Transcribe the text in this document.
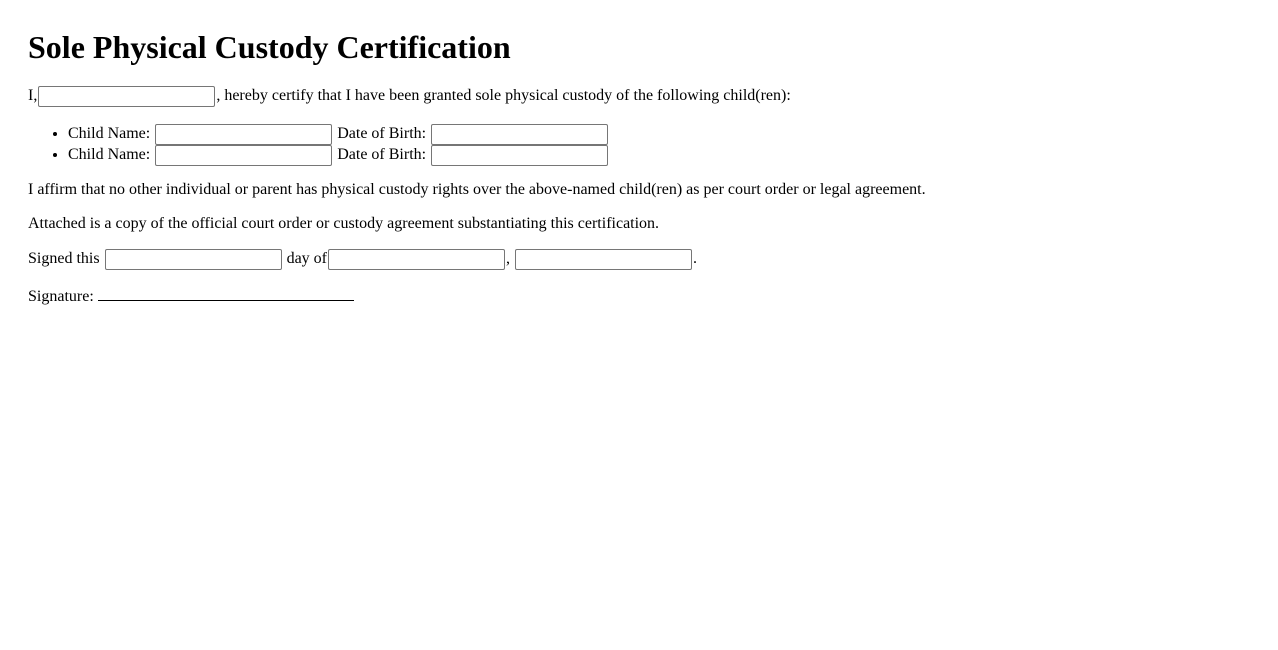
Sole Physical Custody Certification

I,	, hereby certify that I have been granted sole physical custody of the following child(ren):

• Child Name:	Date of Birth:
• Child Name:	Date of Birth:

I affirm that no other individual or parent has physical custody rights over the above-named child(ren) as per court order or legal agreement.

Attached is a copy of the official court order or custody agreement substantiating this certification.

Signed this	day of	,	.

Signature:
